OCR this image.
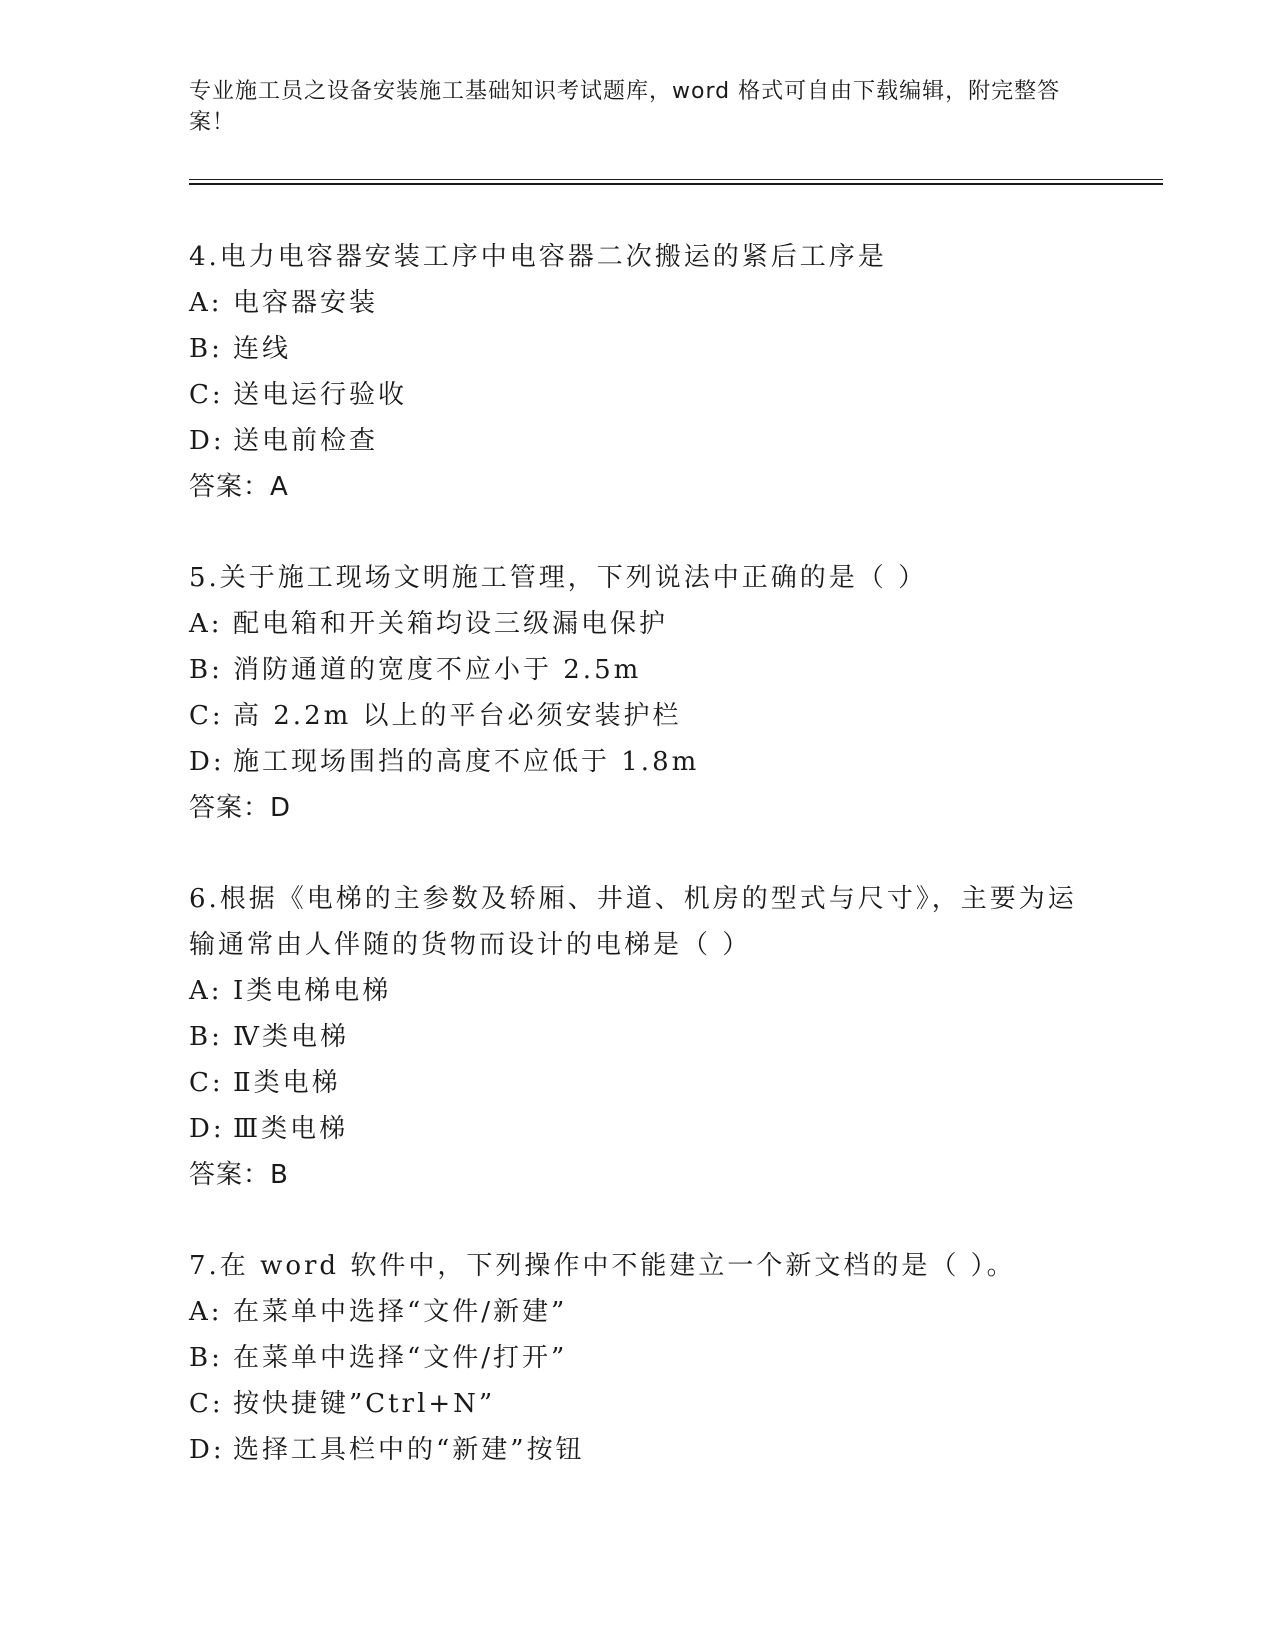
专业施工员之设备安装施工基础知识考试题库，word 格式可自由下载编辑，附完整答案！
4.电力电容器安装工序中电容器二次搬运的紧后工序是
A: 电容器安装
B: 连线
C: 送电运行验收
D: 送电前检查
答案：A
5.关于施工现场文明施工管理，下列说法中正确的是（ ）
A: 配电箱和开关箱均设三级漏电保护
B: 消防通道的宽度不应小于 2.5m
C: 高 2.2m 以上的平台必须安装护栏
D: 施工现场围挡的高度不应低于 1.8m
答案：D
6.根据《电梯的主参数及轿厢、井道、机房的型式与尺寸》，主要为运输通常由人伴随的货物而设计的电梯是（ ）
A: Ⅰ类电梯电梯
B: Ⅳ类电梯
C: Ⅱ类电梯
D: Ⅲ类电梯
答案：B
7.在 word 软件中，下列操作中不能建立一个新文档的是（ ）。
A: 在菜单中选择“文件/新建”
B: 在菜单中选择“文件/打开”
C: 按快捷键”Ctrl+N”
D: 选择工具栏中的“新建”按钮
